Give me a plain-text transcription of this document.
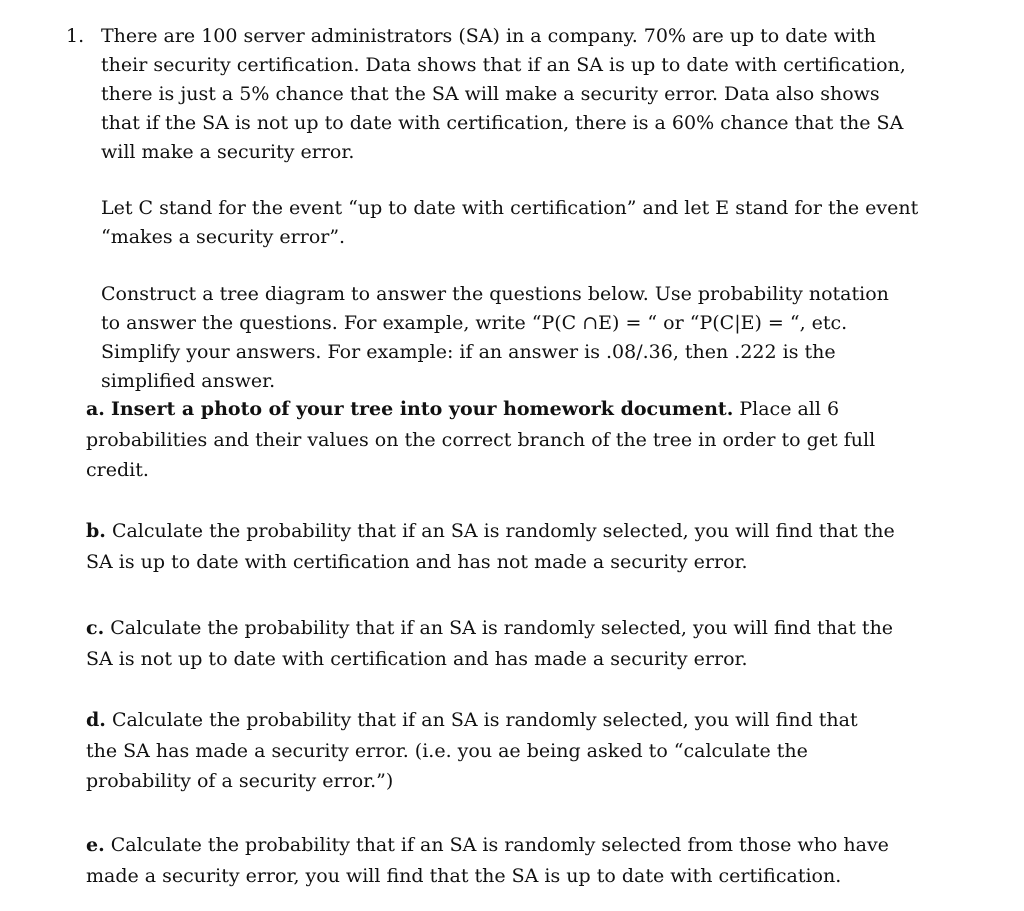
1. There are 100 server administrators (SA) in a company. 70% are up to date with
their security certification. Data shows that if an SA is up to date with certification,
there is just a 5% chance that the SA will make a security error. Data also shows
that if the SA is not up to date with certification, there is a 60% chance that the SA
will make a security error.

Let C stand for the event “up to date with certification” and let E stand for the event
“makes a security error”.

Construct a tree diagram to answer the questions below. Use probability notation
to answer the questions. For example, write “P(C ∩E) = “ or “P(C|E) = “, etc.
Simplify your answers. For example: if an answer is .08/.36, then .222 is the
simplified answer.

a. Insert a photo of your tree into your homework document. Place all 6
probabilities and their values on the correct branch of the tree in order to get full
credit.

b. Calculate the probability that if an SA is randomly selected, you will find that the
SA is up to date with certification and has not made a security error.

c. Calculate the probability that if an SA is randomly selected, you will find that the
SA is not up to date with certification and has made a security error.

d. Calculate the probability that if an SA is randomly selected, you will find that
the SA has made a security error. (i.e. you ae being asked to “calculate the
probability of a security error.”)

e. Calculate the probability that if an SA is randomly selected from those who have
made a security error, you will find that the SA is up to date with certification.
